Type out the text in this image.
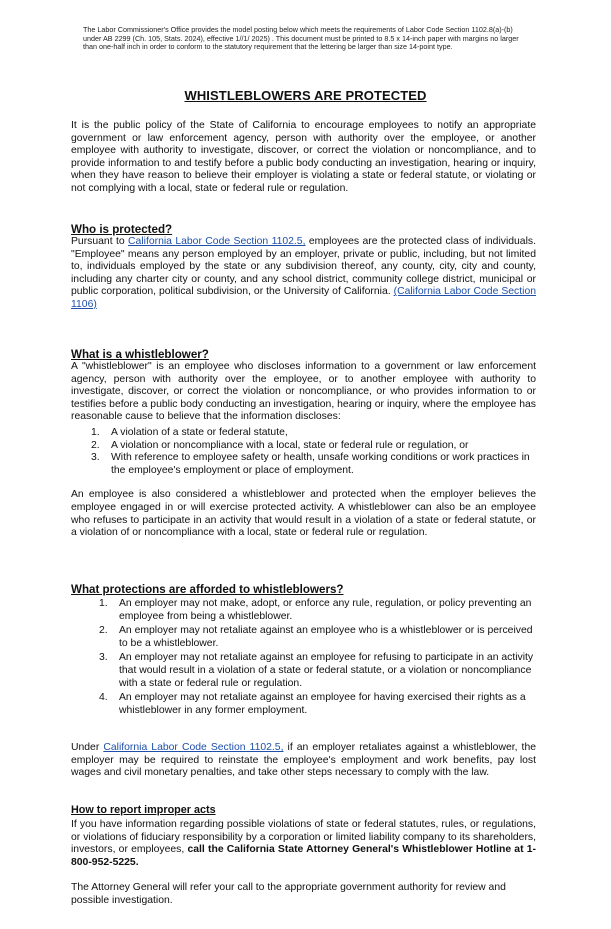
The Labor Commissioner's Office provides the model posting below which meets the requirements of Labor Code Section 1102.8(a)-(b) under AB 2299 (Ch. 105, Stats. 2024), effective 1//1/ 2025) . This document must be printed to 8.5 x 14-inch paper with margins no larger than one-half inch in order to conform to the statutory requirement that the lettering be larger than size 14-point type.
WHISTLEBLOWERS ARE PROTECTED
It is the public policy of the State of California to encourage employees to notify an appropriate government or law enforcement agency, person with authority over the employee, or another employee with authority to investigate, discover, or correct the violation or noncompliance, and to provide information to and testify before a public body conducting an investigation, hearing or inquiry, when they have reason to believe their employer is violating a state or federal statute, or violating or not complying with a local, state or federal rule or regulation.
Who is protected?
Pursuant to California Labor Code Section 1102.5, employees are the protected class of individuals. "Employee" means any person employed by an employer, private or public, including, but not limited to, individuals employed by the state or any subdivision thereof, any county, city, city and county, including any charter city or county, and any school district, community college district, municipal or public corporation, political subdivision, or the University of California. (California Labor Code Section 1106)
What is a whistleblower?
A "whistleblower" is an employee who discloses information to a government or law enforcement agency, person with authority over the employee, or to another employee with authority to investigate, discover, or correct the violation or noncompliance, or who provides information to or testifies before a public body conducting an investigation, hearing or inquiry, where the employee has reasonable cause to believe that the information discloses:
1. A violation of a state or federal statute,
2. A violation or noncompliance with a local, state or federal rule or regulation, or
3. With reference to employee safety or health, unsafe working conditions or work practices in the employee's employment or place of employment.
An employee is also considered a whistleblower and protected when the employer believes the employee engaged in or will exercise protected activity. A whistleblower can also be an employee who refuses to participate in an activity that would result in a violation of a state or federal statute, or a violation of or noncompliance with a local, state or federal rule or regulation.
What protections are afforded to whistleblowers?
1. An employer may not make, adopt, or enforce any rule, regulation, or policy preventing an employee from being a whistleblower.
2. An employer may not retaliate against an employee who is a whistleblower or is perceived to be a whistleblower.
3. An employer may not retaliate against an employee for refusing to participate in an activity that would result in a violation of a state or federal statute, or a violation or noncompliance with a state or federal rule or regulation.
4. An employer may not retaliate against an employee for having exercised their rights as a whistleblower in any former employment.
Under California Labor Code Section 1102.5, if an employer retaliates against a whistleblower, the employer may be required to reinstate the employee's employment and work benefits, pay lost wages and civil monetary penalties, and take other steps necessary to comply with the law.
How to report improper acts
If you have information regarding possible violations of state or federal statutes, rules, or regulations, or violations of fiduciary responsibility by a corporation or limited liability company to its shareholders, investors, or employees, call the California State Attorney General's Whistleblower Hotline at 1-800-952-5225.
The Attorney General will refer your call to the appropriate government authority for review and possible investigation.
